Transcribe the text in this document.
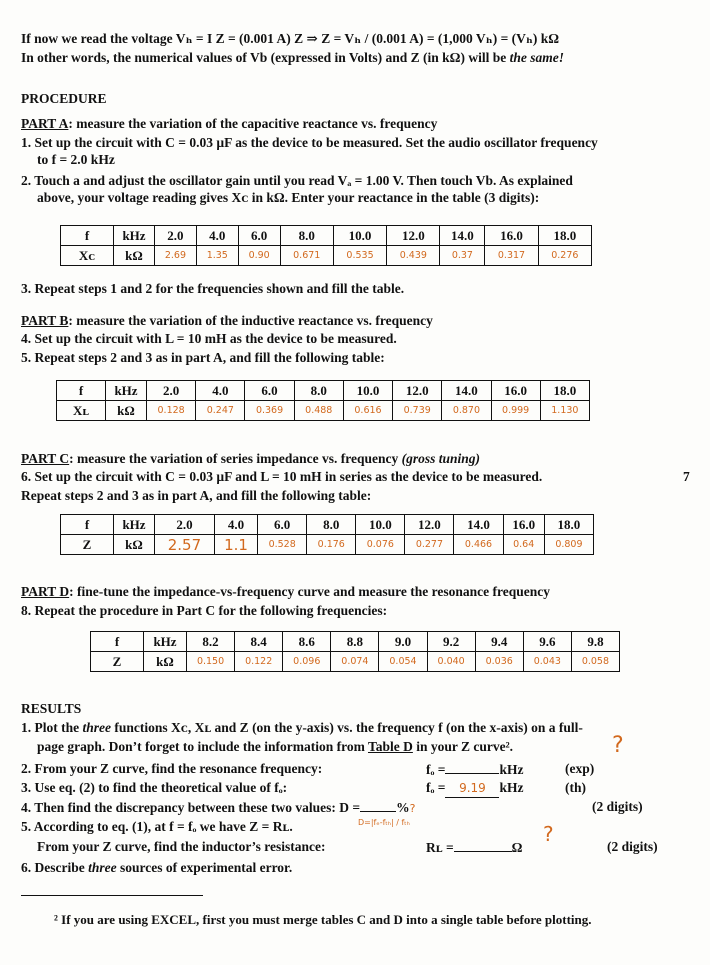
If now we read the voltage Vₕ = I Z = (0.001 A) Z ⇒ Z = Vₕ / (0.001 A) = (1,000 Vₕ) = (Vₕ) kΩ
In other words, the numerical values of Vb (expressed in Volts) and Z (in kΩ) will be the same!
PROCEDURE
PART A: measure the variation of the capacitive reactance vs. frequency
1. Set up the circuit with C = 0.03 µF as the device to be measured. Set the audio oscillator frequency
to f = 2.0 kHz
2. Touch a and adjust the oscillator gain until you read Vₐ = 1.00 V. Then touch Vb. As explained
above, your voltage reading gives Xᴄ in kΩ. Enter your reactance in the table (3 digits):
f	kHz	2.0	4.0	6.0	8.0	10.0	12.0	14.0	16.0	18.0
Xᴄ	kΩ	2.69	1.35	0.90	0.671	0.535	0.439	0.37	0.317	0.276
3. Repeat steps 1 and 2 for the frequencies shown and fill the table.
PART B: measure the variation of the inductive reactance vs. frequency
4. Set up the circuit with L = 10 mH as the device to be measured.
5. Repeat steps 2 and 3 as in part A, and fill the following table:
f	kHz	2.0	4.0	6.0	8.0	10.0	12.0	14.0	16.0	18.0
Xʟ	kΩ	0.128	0.247	0.369	0.488	0.616	0.739	0.870	0.999	1.130
PART C: measure the variation of series impedance vs. frequency (gross tuning)
6. Set up the circuit with C = 0.03 µF and L = 10 mH in series as the device to be measured.	7
Repeat steps 2 and 3 as in part A, and fill the following table:
f	kHz	2.0	4.0	6.0	8.0	10.0	12.0	14.0	16.0	18.0
Z	kΩ	2.57	1.1	0.528	0.176	0.076	0.277	0.466	0.64	0.809
PART D: fine-tune the impedance-vs-frequency curve and measure the resonance frequency
8. Repeat the procedure in Part C for the following frequencies:
f	kHz	8.2	8.4	8.6	8.8	9.0	9.2	9.4	9.6	9.8
Z	kΩ	0.150	0.122	0.096	0.074	0.054	0.040	0.036	0.043	0.058
RESULTS
1. Plot the three functions Xᴄ, Xʟ and Z (on the y-axis) vs. the frequency f (on the x-axis) on a full-
page graph. Don’t forget to include the information from Table D in your Z curve².	?
2. From your Z curve, find the resonance frequency:	fₒ =	kHz	(exp)
3. Use eq. (2) to find the theoretical value of fₒ:	fₒ = 9.19 kHz	(th)
4. Then find the discrepancy between these two values: D =	%?	(2 digits)
5. According to eq. (1), at f = fₒ we have Z = Rʟ.	D=|fₑ-fₜₕ| / fₜₕ
From your Z curve, find the inductor’s resistance:	Rʟ =	Ω
?
(2 digits)
6. Describe three sources of experimental error.
² If you are using EXCEL, first you must merge tables C and D into a single table before plotting.
